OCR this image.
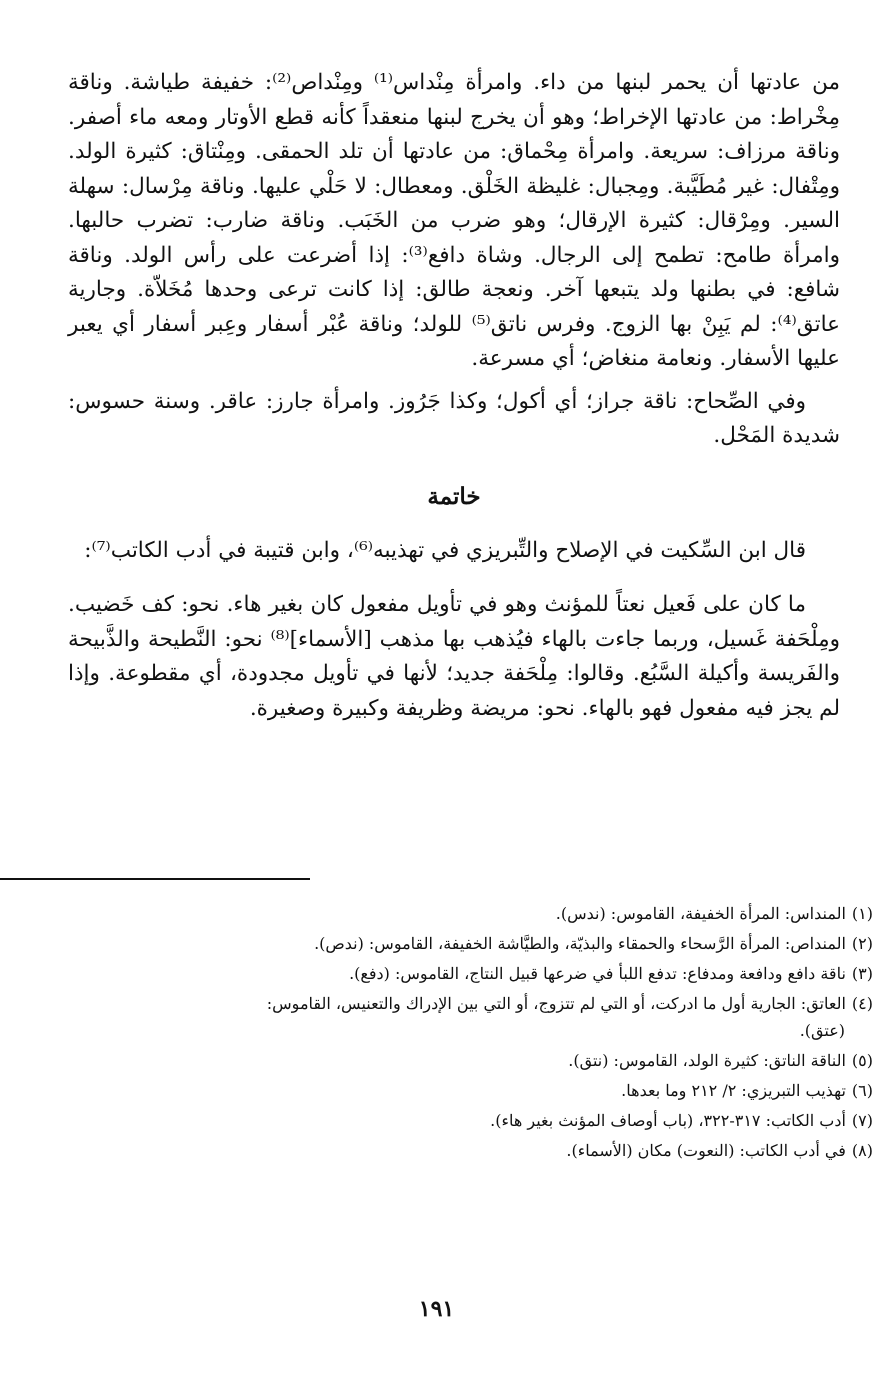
من عادتها أن يحمر لبنها من داء. وامرأة مِنْداس⁽¹⁾ ومِنْداص⁽²⁾: خفيفة طياشة. وناقة مِخْراط: من عادتها الإخراط؛ وهو أن يخرج لبنها منعقداً كأنه قطع الأوتار ومعه ماء أصفر. وناقة مرزاف: سريعة. وامرأة مِحْماق: من عادتها أن تلد الحمقى. ومِنْتاق: كثيرة الولد. ومِتْفال: غير مُطَيَّبة. ومِجبال: غليظة الخَلْق. ومعطال: لا حَلْي عليها. وناقة مِرْسال: سهلة السير. ومِرْقال: كثيرة الإرقال؛ وهو ضرب من الخَبَب. وناقة ضارب: تضرب حالبها. وامرأة طامح: تطمح إلى الرجال. وشاة دافع⁽³⁾: إذا أضرعت على رأس الولد. وناقة شافع: في بطنها ولد يتبعها آخر. ونعجة طالق: إذا كانت ترعى وحدها مُخَلاّة. وجارية عاتق⁽⁴⁾: لم يَبِنْ بها الزوج. وفرس ناتق⁽⁵⁾ للولد؛ وناقة عُبْر أسفار وعِبر أسفار أي يعبر عليها الأسفار. ونعامة منغاض؛ أي مسرعة.

وفي الصِّحاح: ناقة جراز؛ أي أكول؛ وكذا جَرُوز. وامرأة جارز: عاقر. وسنة حسوس: شديدة المَحْل.

خاتمة

قال ابن السِّكيت في الإصلاح والتِّبريزي في تهذيبه⁽⁶⁾، وابن قتيبة في أدب الكاتب⁽⁷⁾:

ما كان على فَعيل نعتاً للمؤنث وهو في تأويل مفعول كان بغير هاء. نحو: كف خَضيب. ومِلْحَفة غَسيل، وربما جاءت بالهاء فيُذهب بها مذهب [الأسماء]⁽⁸⁾ نحو: النَّطيحة والذَّبيحة والفَريسة وأكيلة السَّبُع. وقالوا: مِلْحَفة جديد؛ لأنها في تأويل مجدودة، أي مقطوعة. وإذا لم يجز فيه مفعول فهو بالهاء. نحو: مريضة وظريفة وكبيرة وصغيرة.

(١)المنداس: المرأة الخفيفة، القاموس: (ندس).

(٢)المنداص: المرأة الرَّسحاء والحمقاء والبذيّة، والطيَّاشة الخفيفة، القاموس: (ندص).

(٣)ناقة دافع ودافعة ومدفاع: تدفع اللبأ في ضرعها قبيل النتاج، القاموس: (دفع).

(٤)العاتق: الجارية أول ما ادركت، أو التي لم تتزوج، أو التي بين الإدراك والتعنيس، القاموس:

(عتق).

(٥)الناقة الناتق: كثيرة الولد، القاموس: (نتق).

(٦)تهذيب التبريزي: ٢/ ٢١٢ وما بعدها.

(٧)أدب الكاتب: ٣١٧-٣٢٢، (باب أوصاف المؤنث بغير هاء).

(٨)في أدب الكاتب: (النعوت) مكان (الأسماء).

١٩١
